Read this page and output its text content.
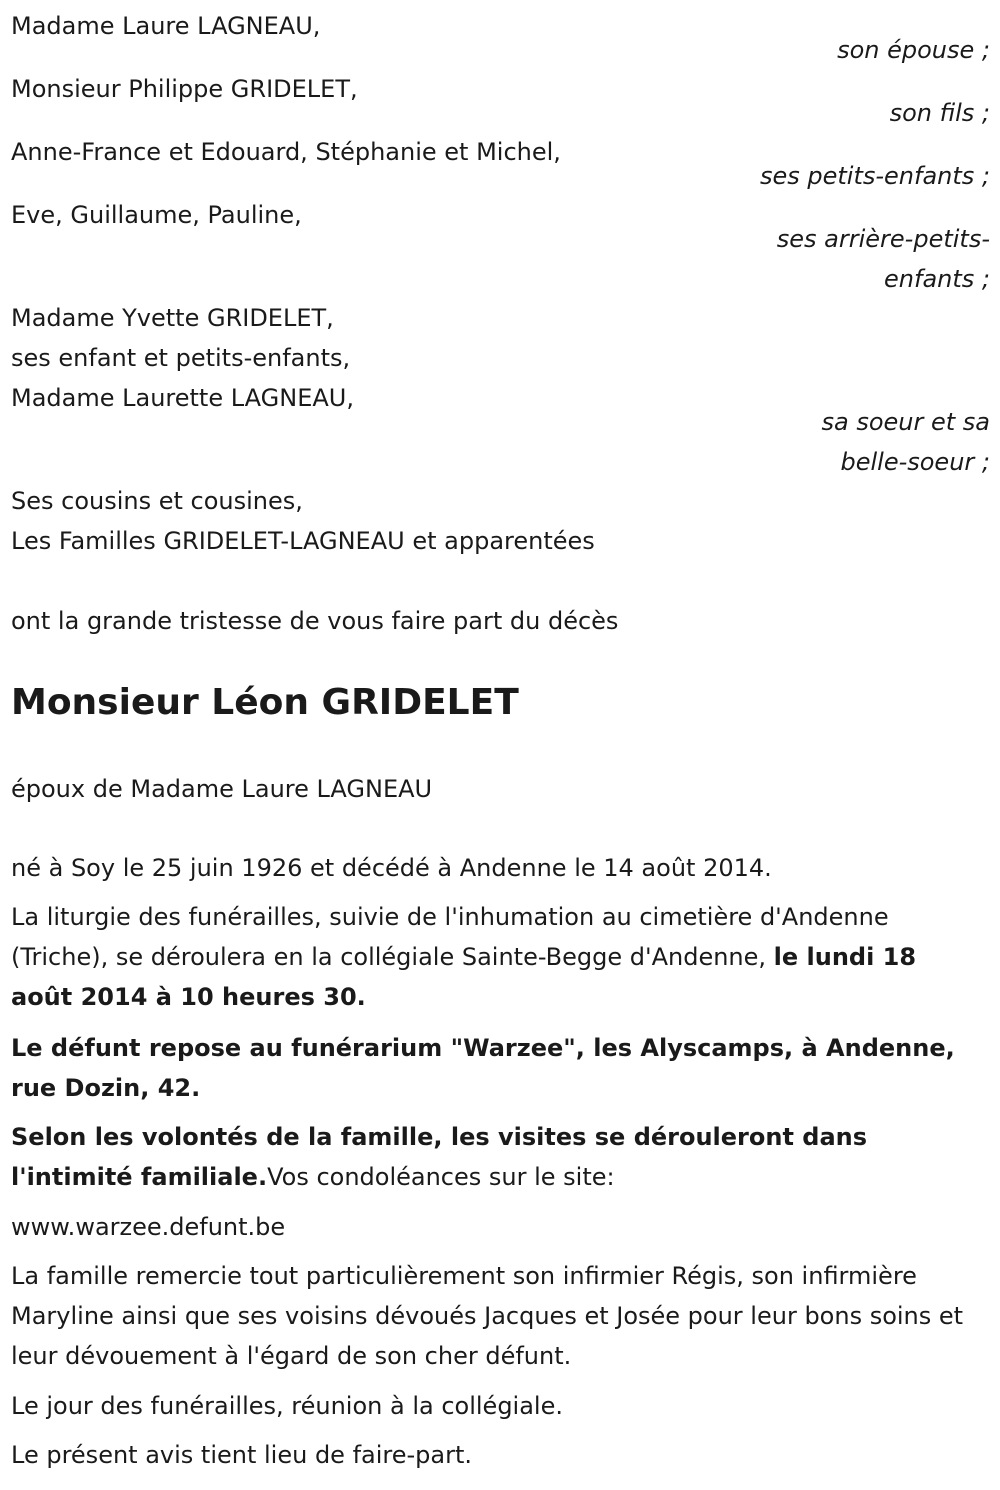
Madame Laure LAGNEAU,
son épouse ;
Monsieur Philippe GRIDELET,
son fils ;
Anne-France et Edouard, Stéphanie et Michel,
ses petits-enfants ;
Eve, Guillaume, Pauline,
ses arrière-petits-
enfants ;
Madame Yvette GRIDELET,
ses enfant et petits-enfants,
Madame Laurette LAGNEAU,
sa soeur et sa
belle-soeur ;
Ses cousins et cousines,
Les Familles GRIDELET-LAGNEAU et apparentées
ont la grande tristesse de vous faire part du décès
Monsieur Léon GRIDELET
époux de Madame Laure LAGNEAU
né à Soy le 25 juin 1926 et décédé à Andenne le 14 août 2014.
La liturgie des funérailles, suivie de l'inhumation au cimetière d'Andenne (Triche), se déroulera en la collégiale Sainte-Begge d'Andenne, le lundi 18 août 2014 à 10 heures 30.
Le défunt repose au funérarium "Warzee", les Alyscamps, à Andenne, rue Dozin, 42.
Selon les volontés de la famille, les visites se dérouleront dans l'intimité familiale.Vos condoléances sur le site:
www.warzee.defunt.be
La famille remercie tout particulièrement son infirmier Régis, son infirmière Maryline ainsi que ses voisins dévoués Jacques et Josée pour leur bons soins et leur dévouement à l'égard de son cher défunt.
Le jour des funérailles, réunion à la collégiale.
Le présent avis tient lieu de faire-part.
